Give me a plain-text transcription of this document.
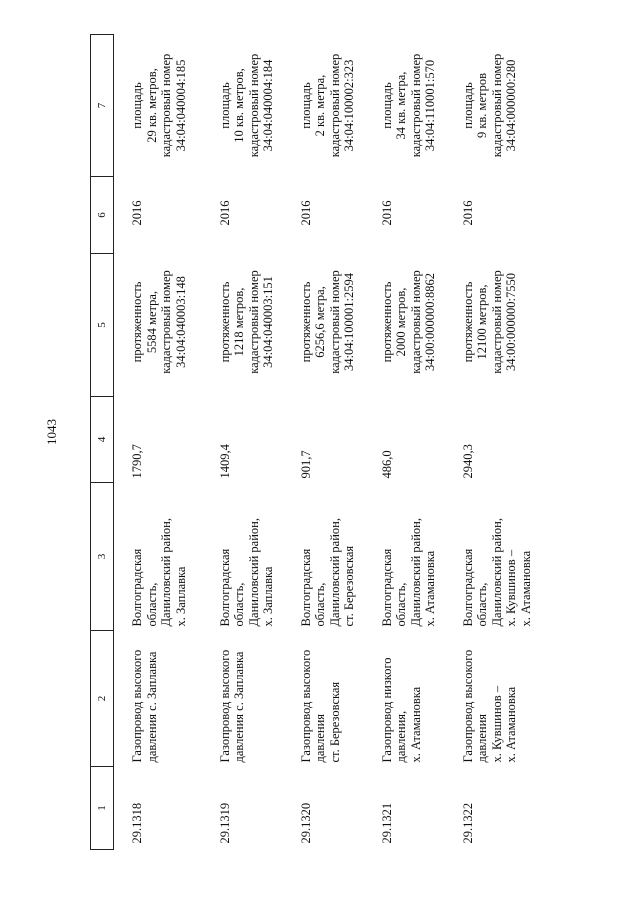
1043
1	2	3	4	5	6	7
29.1318	Газопровод высокого давления с. Заплавка	Волгоградская область, Даниловский район, х. Заплавка	1790,7	протяженность 5584 метра, кадастровый номер 34:04:040003:148	2016	площадь 29 кв. метров, кадастровый номер 34:04:040004:185

29.1319	Газопровод высокого давления с. Заплавка	Волгоградская область, Даниловский район, х. Заплавка	1409,4	протяженность 1218 метров, кадастровый номер 34:04:040003:151	2016	площадь 10 кв. метров, кадастровый номер 34:04:040004:184

29.1320	Газопровод высокого давления ст. Березовская	Волгоградская область, Даниловский район, ст. Березовская	901,7	протяженность 6256,6 метра, кадастровый номер 34:04:100001:2594	2016	площадь 2 кв. метра, кадастровый номер 34:04:100002:323

29.1321	Газопровод низкого давления, х. Атамановка	Волгоградская область, Даниловский район, х. Атамановка	486,0	протяженность 2000 метров, кадастровый номер 34:00:000000:8862	2016	площадь 34 кв. метра, кадастровый номер 34:04:110001:570

29.1322	Газопровод высокого давления х. Кувшинов – х. Атамановка	Волгоградская область, Даниловский район, х. Кувшинов – х. Атамановка	2940,3	протяженность 12100 метров, кадастровый номер 34:00:000000:7550	2016	площадь 9 кв. метров кадастровый номер 34:04:000000:280
